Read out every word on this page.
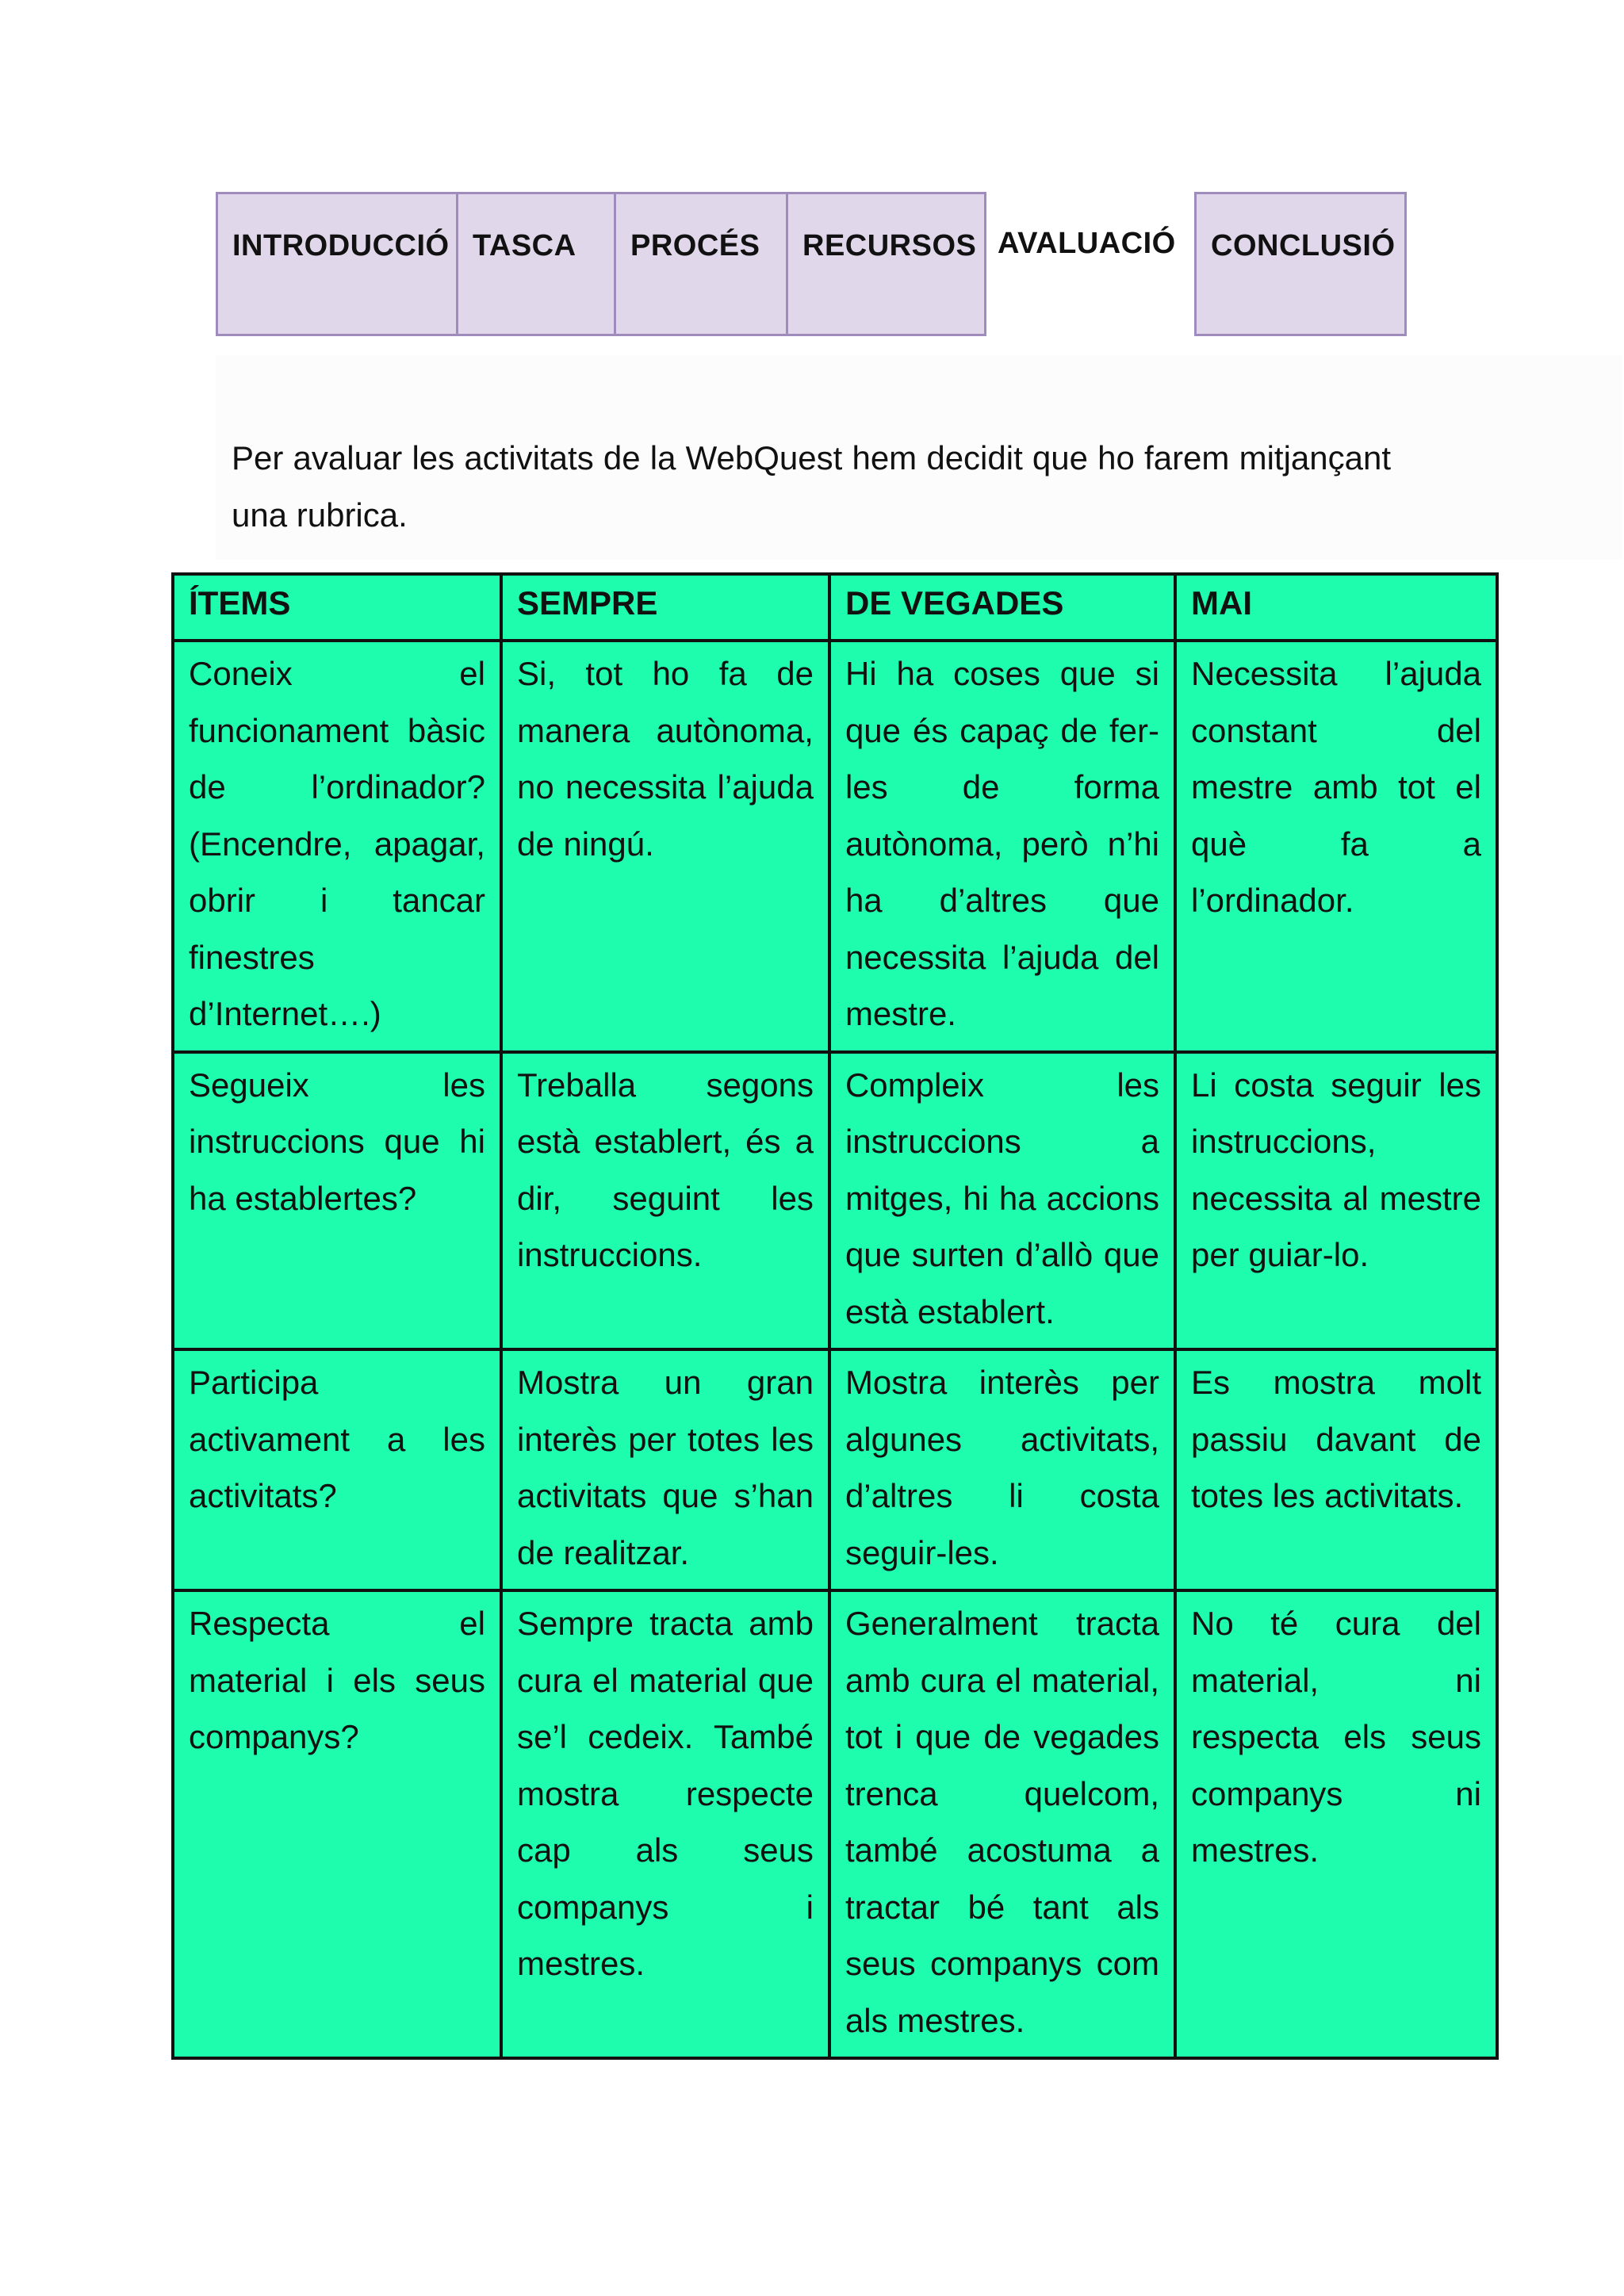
INTRODUCCIÓ TASCA	PROCÉS	RECURSOS AVALUACIÓ	CONCLUSIÓ

Per avaluar les activitats de la WebQuest hem decidit que ho farem mitjançant una rubrica.

ÍTEMS	SEMPRE	DE VEGADES	MAI
Coneix el funcionament bàsic de l’ordinador? (Encendre, apagar, obrir i tancar finestres d’Internet….)	Si, tot ho fa de manera autònoma, no necessita l’ajuda de ningú.	Hi ha coses que si que és capaç de fer-les de forma autònoma, però n’hi ha d’altres que necessita l’ajuda del mestre.	Necessita l’ajuda constant del mestre amb tot el què fa a l’ordinador.
Segueix les instruccions que hi ha establertes?	Treballa segons està establert, és a dir, seguint les instruccions.	Compleix les instruccions a mitges, hi ha accions que surten d’allò que està establert.	Li costa seguir les instruccions, necessita al mestre per guiar-lo.
Participa activament a les activitats?	Mostra un gran interès per totes les activitats que s’han de realitzar.	Mostra interès per algunes activitats, d’altres li costa seguir-les.	Es mostra molt passiu davant de totes les activitats.
Respecta el material i els seus companys?	Sempre tracta amb cura el material que se’l cedeix. També mostra respecte cap als seus companys i mestres.	Generalment tracta amb cura el material, tot i que de vegades trenca quelcom, també acostuma a tractar bé tant als seus companys com als mestres.	No té cura del material, ni respecta els seus companys ni mestres.
